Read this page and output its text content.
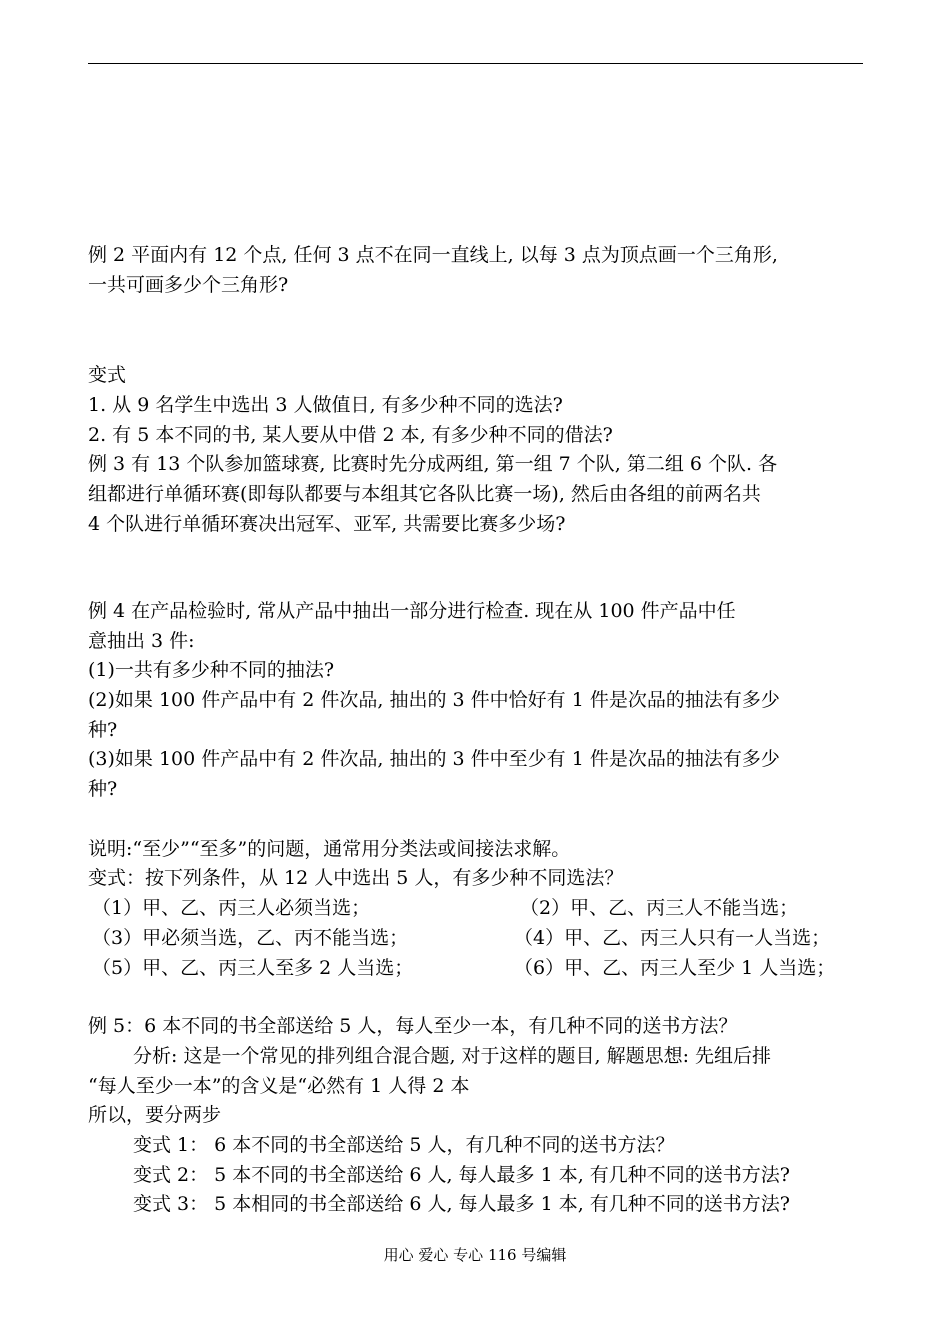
例 2 平面内有 12 个点, 任何 3 点不在同一直线上, 以每 3 点为顶点画一个三角形,
一共可画多少个三角形?
变式
1. 从 9 名学生中选出 3 人做值日, 有多少种不同的选法?
2. 有 5 本不同的书, 某人要从中借 2 本, 有多少种不同的借法?
例 3 有 13 个队参加篮球赛, 比赛时先分成两组, 第一组 7 个队, 第二组 6 个队. 各
组都进行单循环赛(即每队都要与本组其它各队比赛一场), 然后由各组的前两名共
4 个队进行单循环赛决出冠军、亚军, 共需要比赛多少场?
例 4 在产品检验时, 常从产品中抽出一部分进行检查. 现在从 100 件产品中任
意抽出 3 件:
(1)一共有多少种不同的抽法?
(2)如果 100 件产品中有 2 件次品, 抽出的 3 件中恰好有 1 件是次品的抽法有多少
种?
(3)如果 100 件产品中有 2 件次品, 抽出的 3 件中至少有 1 件是次品的抽法有多少
种?
说明:“至少”“至多”的问题，通常用分类法或间接法求解。
变式：按下列条件，从 12 人中选出 5 人，有多少种不同选法？
（1）甲、乙、丙三人必须当选；	（2）甲、乙、丙三人不能当选；
（3）甲必须当选，乙、丙不能当选；	（4）甲、乙、丙三人只有一人当选；
（5）甲、乙、丙三人至多 2 人当选；	（6）甲、乙、丙三人至少 1 人当选；
例 5：6 本不同的书全部送给 5 人，每人至少一本，有几种不同的送书方法？
分析: 这是一个常见的排列组合混合题, 对于这样的题目, 解题思想: 先组后排
“每人至少一本”的含义是“必然有 1 人得 2 本
所以，要分两步
变式 1： 6 本不同的书全部送给 5 人，有几种不同的送书方法？
变式 2： 5 本不同的书全部送给 6 人, 每人最多 1 本, 有几种不同的送书方法?
变式 3： 5 本相同的书全部送给 6 人, 每人最多 1 本, 有几种不同的送书方法?
用心 爱心 专心 116 号编辑
